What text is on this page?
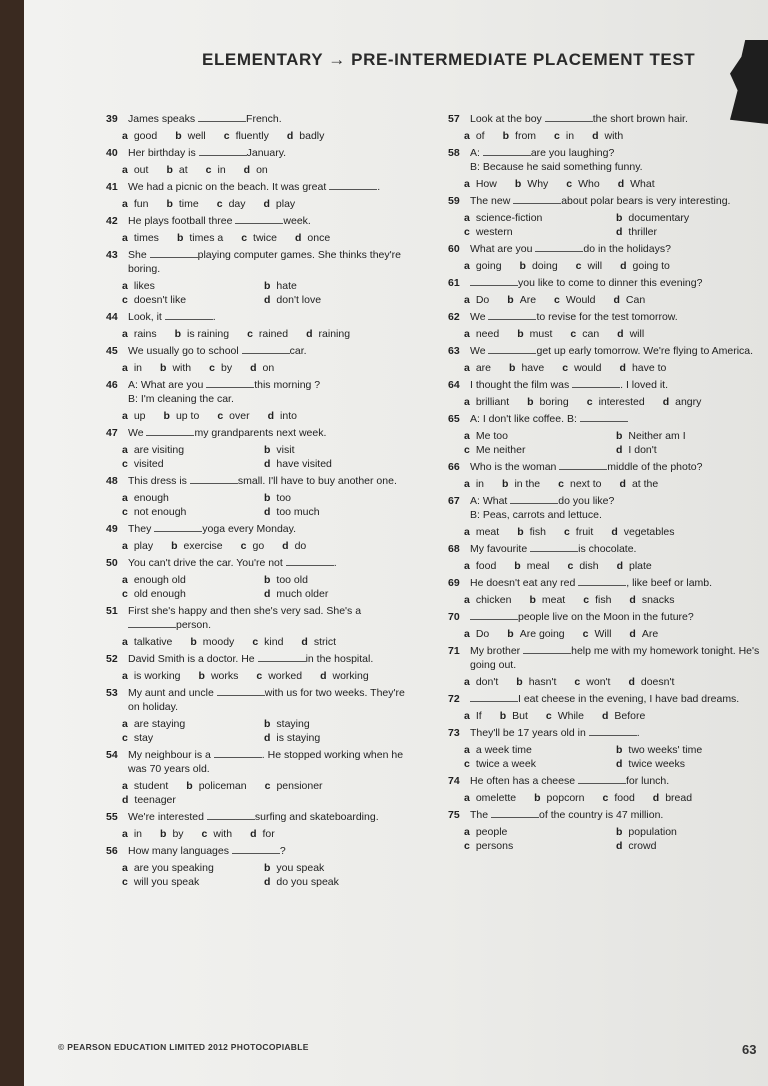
ELEMENTARY → PRE-INTERMEDIATE PLACEMENT TEST
39 James speaks	French.
a good b well c fluently d badly
40 Her birthday is	January.
a out b at c in d on
41 We had a picnic on the beach. It was great	.
a fun b time c day d play
42 He plays football three	week.
a times b times a c twice d once
43 She	playing computer games. She thinks they're boring.
a likes	b hate
c doesn't like	d don't love
44 Look, it	.
a rains b is raining c rained d raining
45 We usually go to school	car.
a in b with c by d on
46 A: What are you	this morning ?
B: I'm cleaning the car.
a up b up to c over d into
47 We	my grandparents next week.
a are visiting	b visit
c visited	d have visited
48 This dress is	small. I'll have to buy another one.
a enough	b too
c not enough	d too much
49 They	yoga every Monday.
a play b exercise c go d do
50 You can't drive the car. You're not	.
a enough old	b too old
c old enough	d much older
51 First she's happy and then she's very sad. She's a person.
a talkative b moody c kind d strict
52 David Smith is a doctor. He	in the hospital.
a is working b works c worked d working
53 My aunt and uncle	with us for two weeks. They're on holiday.
a are staying	b staying
c stay	d is staying
54 My neighbour is a	. He stopped working when he was 70 years old.
a student b policeman c pensioner
d teenager
55 We're interested	surfing and skateboarding.
a in b by c with d for
56 How many languages	?
a are you speaking	b you speak
c will you speak	d do you speak
57 Look at the boy	the short brown hair.
a of b from c in d with
58 A:	are you laughing?
B: Because he said something funny.
a How b Why c Who d What
59 The new	about polar bears is very interesting.
a science-fiction	b documentary
c western	d thriller
60 What are you	do in the holidays?
a going b doing c will d going to
61	you like to come to dinner this evening?
a Do b Are c Would d Can
62 We	to revise for the test tomorrow.
a need b must c can d will
63 We	get up early tomorrow. We're flying to America.
a are b have c would d have to
64 I thought the film was	. I loved it.
a brilliant b boring c interested d angry
65 A: I don't like coffee. B:
a Me too	b Neither am I
c Me neither	d I don't
66 Who is the woman	middle of the photo?
a in b in the c next to d at the
67 A: What	do you like?
B: Peas, carrots and lettuce.
a meat b fish c fruit d vegetables
68 My favourite	is chocolate.
a food b meal c dish d plate
69 He doesn't eat any red	, like beef or lamb.
a chicken b meat c fish d snacks
70	people live on the Moon in the future?
a Do b Are going c Will d Are
71 My brother	help me with my homework tonight. He's going out.
a don't b hasn't c won't d doesn't
72	I eat cheese in the evening, I have bad dreams.
a If b But c While d Before
73 They'll be 17 years old in	.
a a week time	b two weeks' time
c twice a week	d twice weeks
74 He often has a cheese	for lunch.
a omelette b popcorn c food d bread
75 The	of the country is 47 million.
a people	b population
c persons	d crowd
© PEARSON EDUCATION LIMITED 2012 PHOTOCOPIABLE	63
